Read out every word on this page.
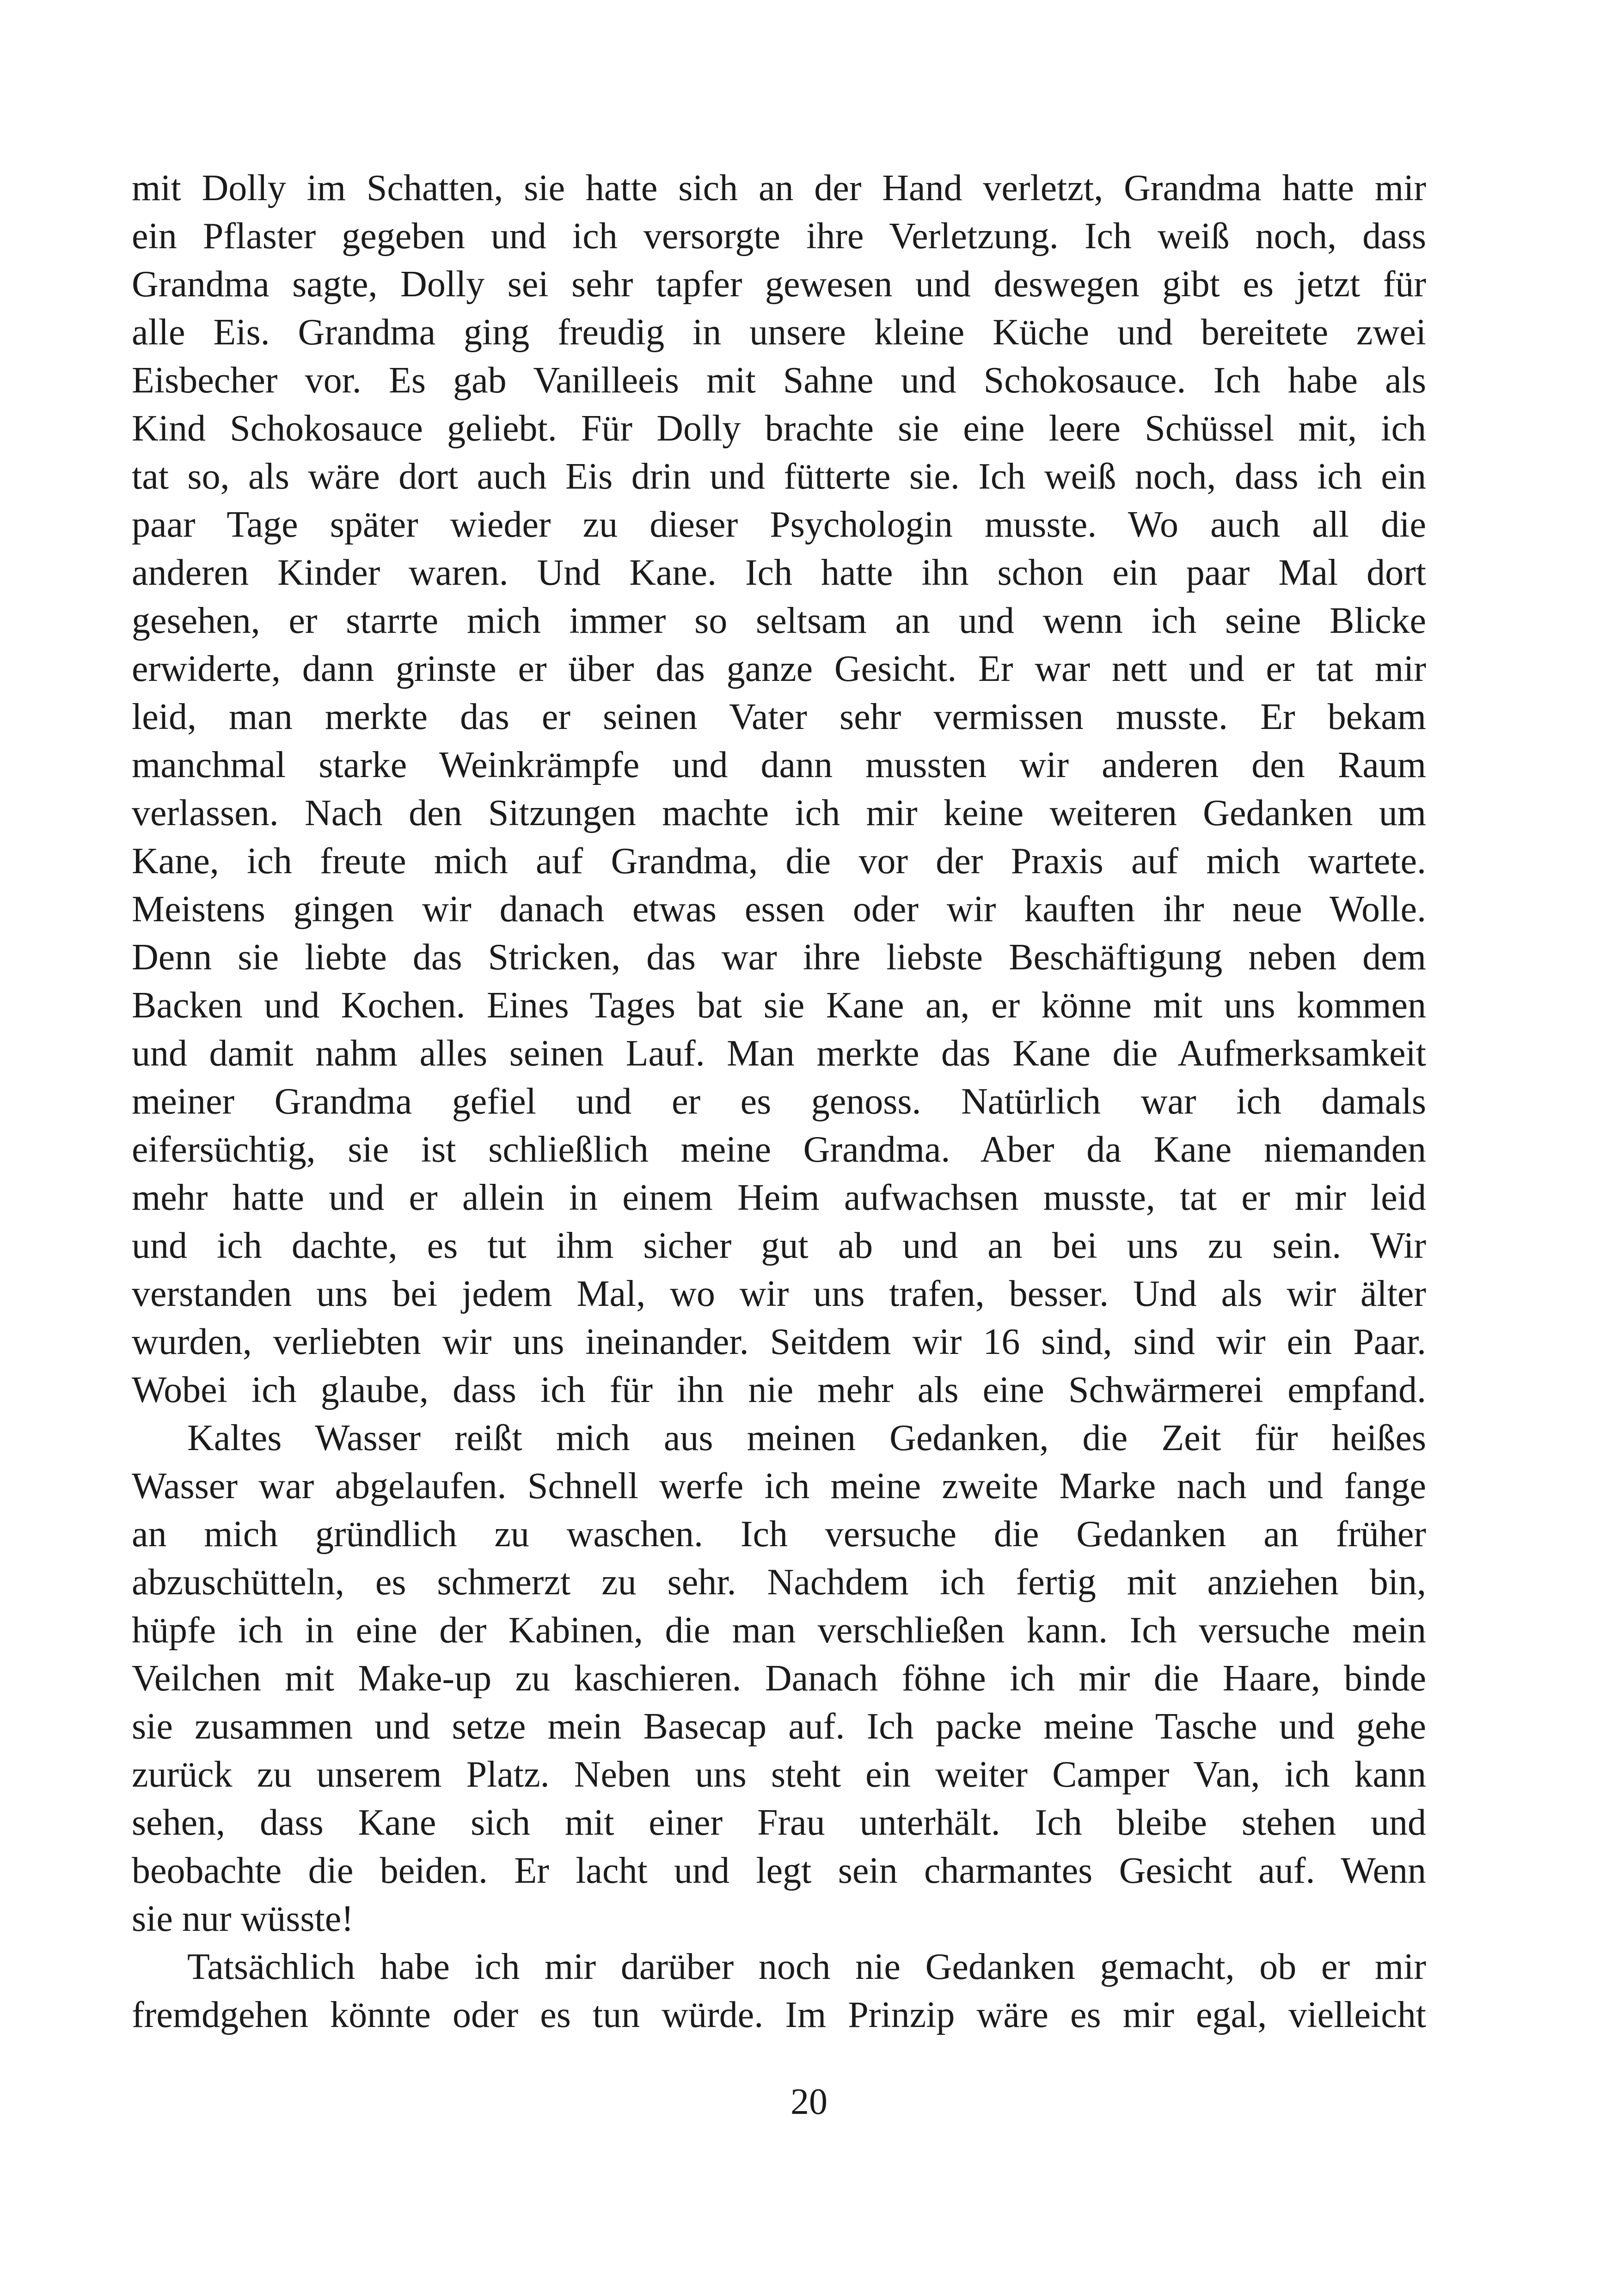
mit Dolly im Schatten, sie hatte sich an der Hand verletzt, Grandma hatte mir
ein Pflaster gegeben und ich versorgte ihre Verletzung. Ich weiß noch, dass
Grandma sagte, Dolly sei sehr tapfer gewesen und deswegen gibt es jetzt für
alle Eis. Grandma ging freudig in unsere kleine Küche und bereitete zwei
Eisbecher vor. Es gab Vanilleeis mit Sahne und Schokosauce. Ich habe als
Kind Schokosauce geliebt. Für Dolly brachte sie eine leere Schüssel mit, ich
tat so, als wäre dort auch Eis drin und fütterte sie. Ich weiß noch, dass ich ein
paar Tage später wieder zu dieser Psychologin musste. Wo auch all die
anderen Kinder waren. Und Kane. Ich hatte ihn schon ein paar Mal dort
gesehen, er starrte mich immer so seltsam an und wenn ich seine Blicke
erwiderte, dann grinste er über das ganze Gesicht. Er war nett und er tat mir
leid, man merkte das er seinen Vater sehr vermissen musste. Er bekam
manchmal starke Weinkrämpfe und dann mussten wir anderen den Raum
verlassen. Nach den Sitzungen machte ich mir keine weiteren Gedanken um
Kane, ich freute mich auf Grandma, die vor der Praxis auf mich wartete.
Meistens gingen wir danach etwas essen oder wir kauften ihr neue Wolle.
Denn sie liebte das Stricken, das war ihre liebste Beschäftigung neben dem
Backen und Kochen. Eines Tages bat sie Kane an, er könne mit uns kommen
und damit nahm alles seinen Lauf. Man merkte das Kane die Aufmerksamkeit
meiner Grandma gefiel und er es genoss. Natürlich war ich damals
eifersüchtig, sie ist schließlich meine Grandma. Aber da Kane niemanden
mehr hatte und er allein in einem Heim aufwachsen musste, tat er mir leid
und ich dachte, es tut ihm sicher gut ab und an bei uns zu sein. Wir
verstanden uns bei jedem Mal, wo wir uns trafen, besser. Und als wir älter
wurden, verliebten wir uns ineinander. Seitdem wir 16 sind, sind wir ein Paar.
Wobei ich glaube, dass ich für ihn nie mehr als eine Schwärmerei empfand.

Kaltes Wasser reißt mich aus meinen Gedanken, die Zeit für heißes
Wasser war abgelaufen. Schnell werfe ich meine zweite Marke nach und fange
an mich gründlich zu waschen. Ich versuche die Gedanken an früher
abzuschütteln, es schmerzt zu sehr. Nachdem ich fertig mit anziehen bin,
hüpfe ich in eine der Kabinen, die man verschließen kann. Ich versuche mein
Veilchen mit Make-up zu kaschieren. Danach föhne ich mir die Haare, binde
sie zusammen und setze mein Basecap auf. Ich packe meine Tasche und gehe
zurück zu unserem Platz. Neben uns steht ein weiter Camper Van, ich kann
sehen, dass Kane sich mit einer Frau unterhält. Ich bleibe stehen und
beobachte die beiden. Er lacht und legt sein charmantes Gesicht auf. Wenn
sie nur wüsste!

Tatsächlich habe ich mir darüber noch nie Gedanken gemacht, ob er mir
fremdgehen könnte oder es tun würde. Im Prinzip wäre es mir egal, vielleicht

20
